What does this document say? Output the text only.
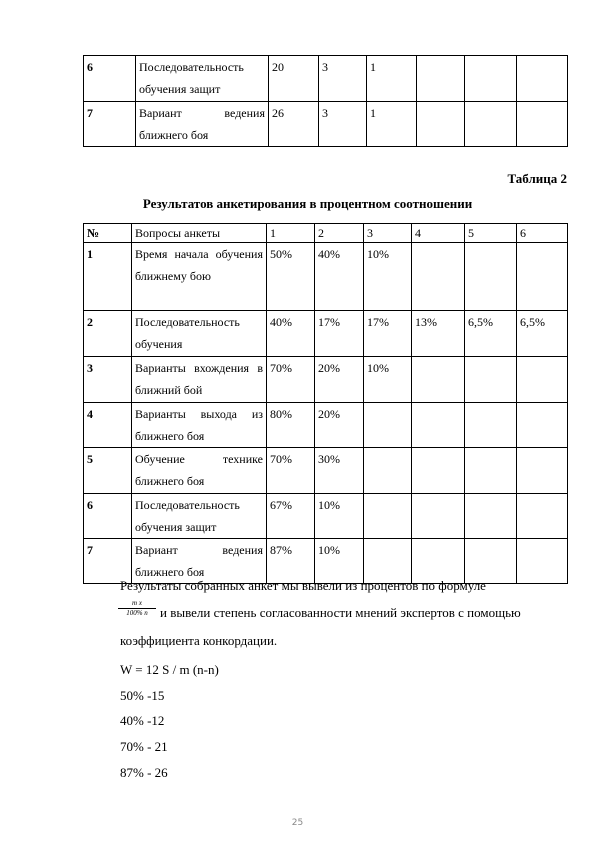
6	Последовательность обучения защит	20	3	1			
7	Вариант ведения ближнего боя	26	3	1			
Таблица 2
Результатов анкетирования в процентном соотношении
№	Вопросы анкеты	1	2	3	4	5	6
1	Время начала обучения ближнему бою	50%	40%	10%			
2	Последовательность обучения	40%	17%	17%	13%	6,5%	6,5%
3	Варианты вхождения в ближний бой	70%	20%	10%			
4	Варианты выхода из ближнего боя	80%	20%				
5	Обучение технике ближнего боя	70%	30%				
6	Последовательность обучения защит	67%	10%				
7	Вариант ведения ближнего боя	87%	10%				
Результаты собранных анкет мы вывели из процентов по формуле
$\frac{\text{m x}}{100\% n}$ и вывели степень согласованности мнений экспертов с помощью
коэффициента конкордации.
W = 12 S / m (n-n)
50% -15
40% -12
70% - 21
87% - 26
25
